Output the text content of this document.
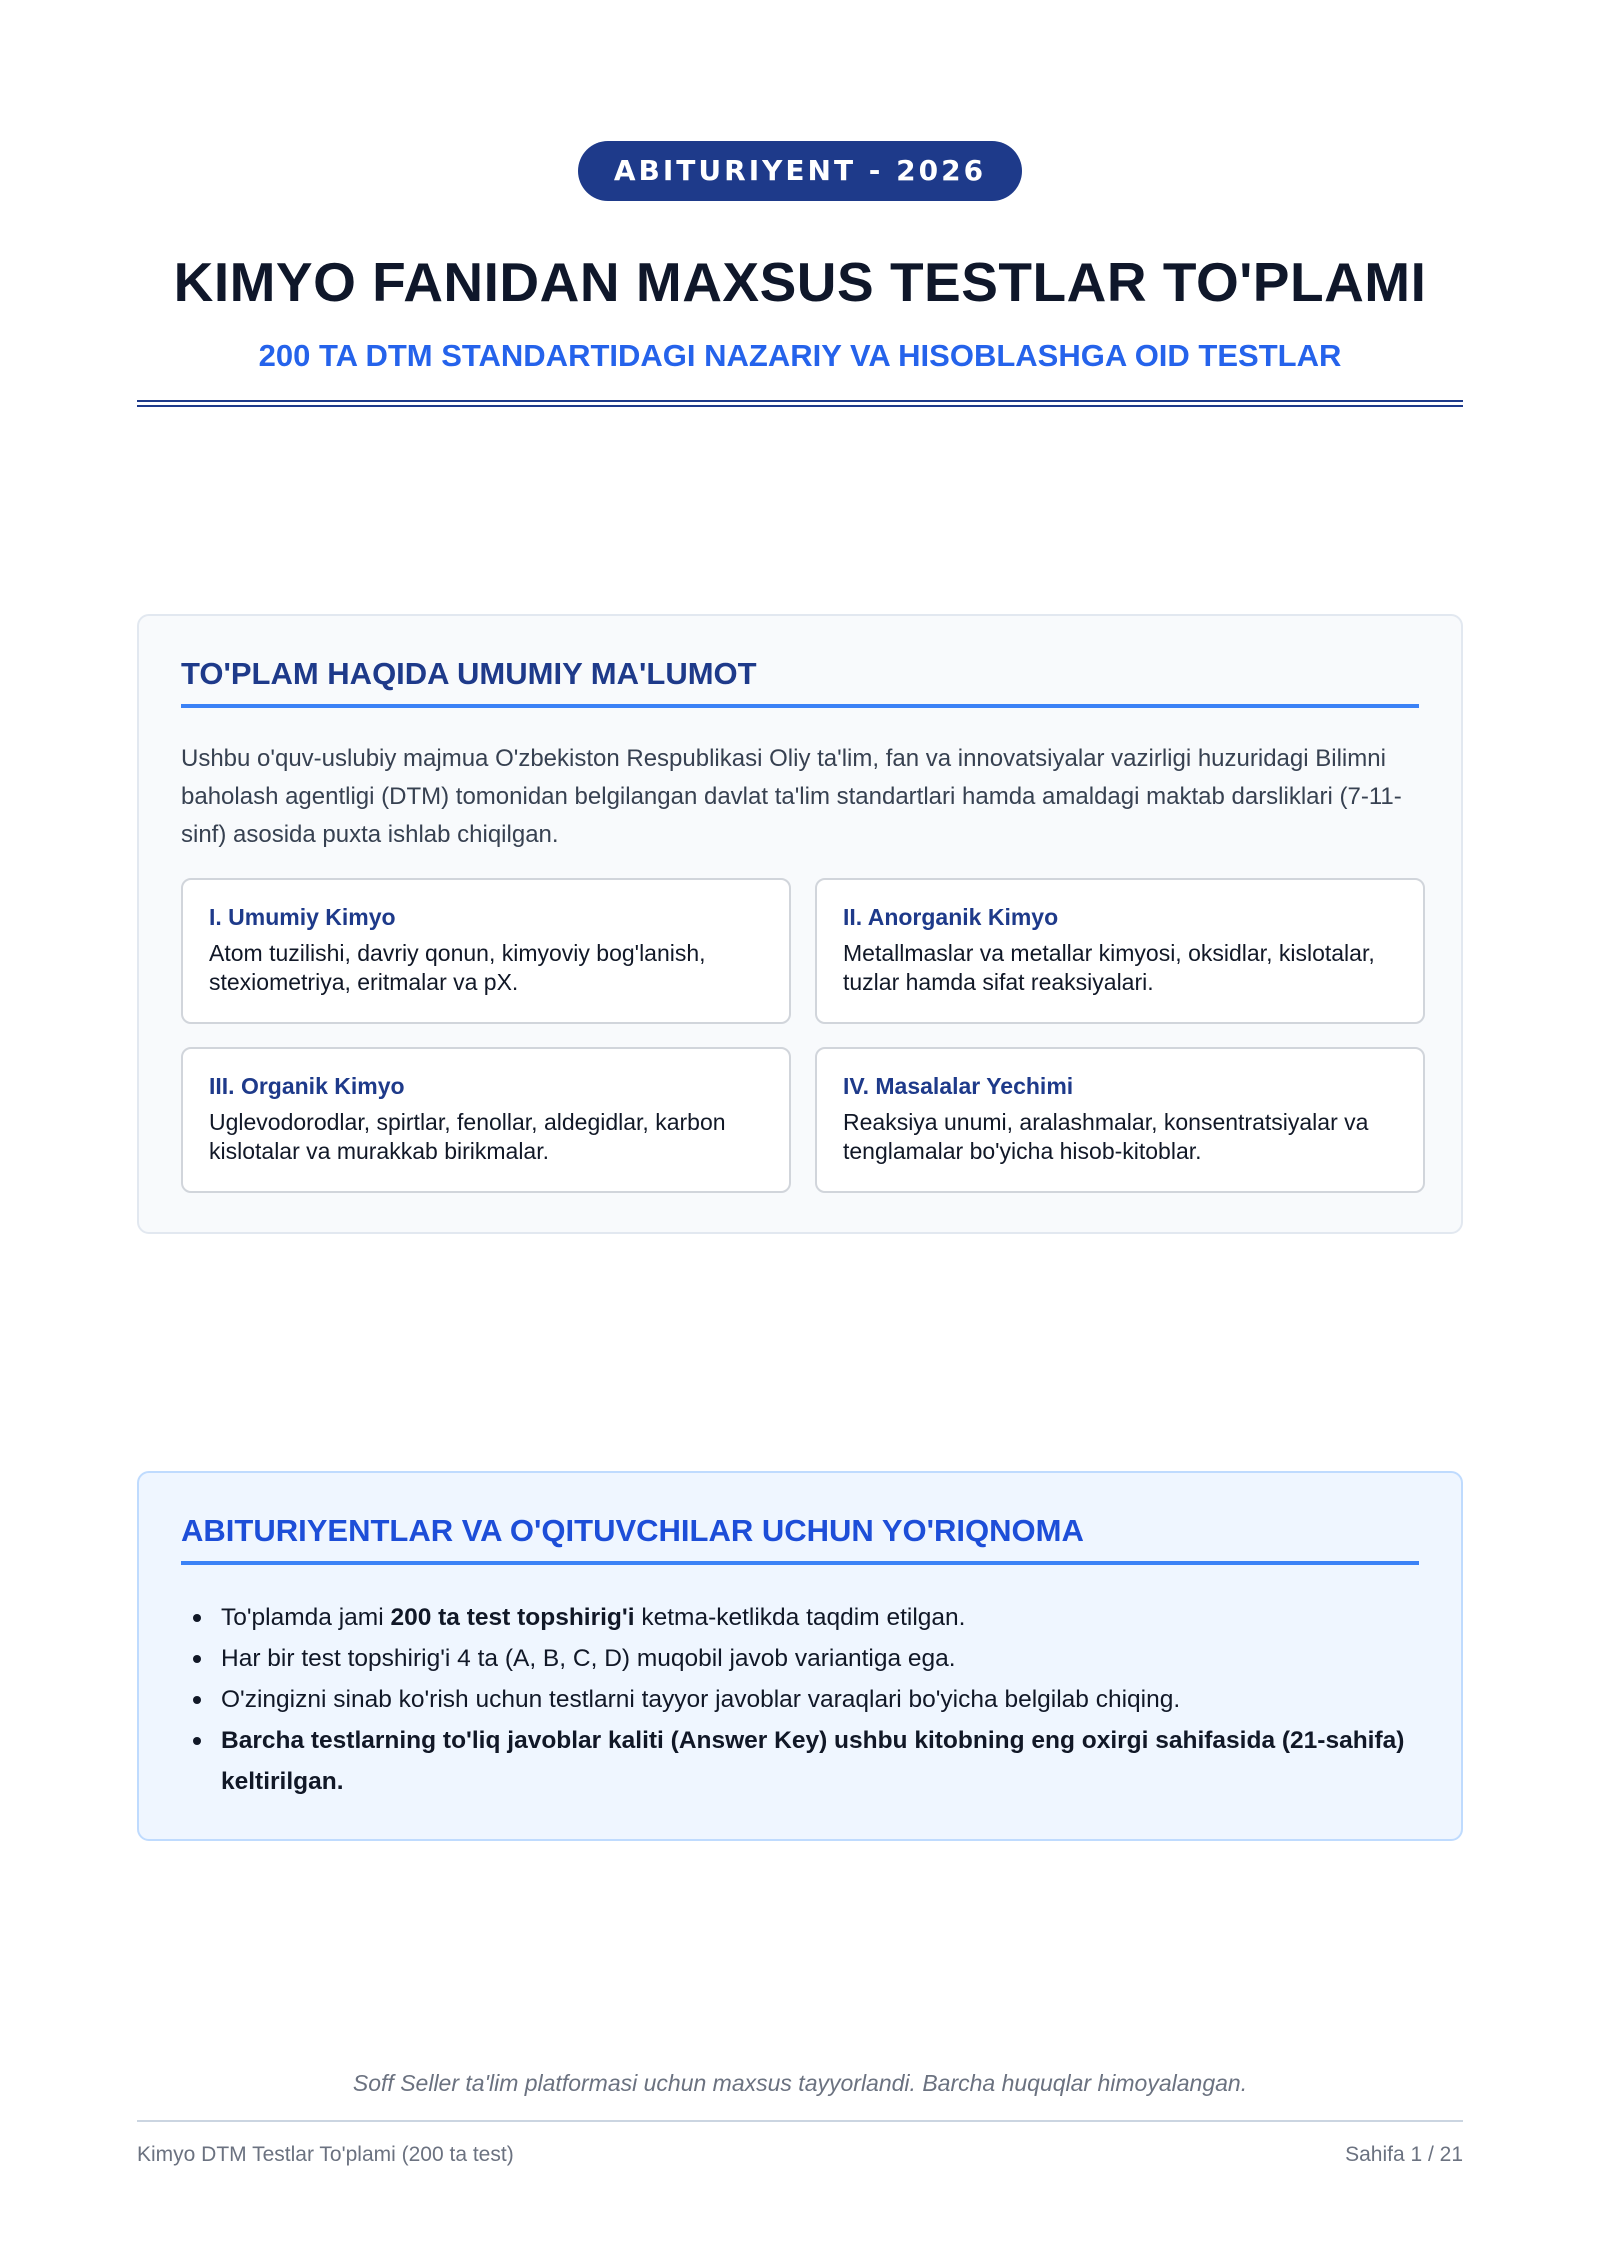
ABITURIYENT - 2026
KIMYO FANIDAN MAXSUS TESTLAR TO'PLAMI
200 TA DTM STANDARTIDAGI NAZARIY VA HISOBLASHGA OID TESTLAR
TO'PLAM HAQIDA UMUMIY MA'LUMOT

Ushbu o'quv-uslubiy majmua O'zbekiston Respublikasi Oliy ta'lim, fan va innovatsiyalar vazirligi huzuridagi Bilimni baholash agentligi (DTM) tomonidan belgilangan davlat ta'lim standartlari hamda amaldagi maktab darsliklari (7-11-sinf) asosida puxta ishlab chiqilgan.

I. Umumiy Kimyo
Atom tuzilishi, davriy qonun, kimyoviy bog'lanish, stexiometriya, eritmalar va pX.
II. Anorganik Kimyo
Metallmaslar va metallar kimyosi, oksidlar, kislotalar, tuzlar hamda sifat reaksiyalari.
III. Organik Kimyo
Uglevodorodlar, spirtlar, fenollar, aldegidlar, karbon kislotalar va murakkab birikmalar.
IV. Masalalar Yechimi
Reaksiya unumi, aralashmalar, konsentratsiyalar va tenglamalar bo'yicha hisob-kitoblar.
ABITURIYENTLAR VA O'QITUVCHILAR UCHUN YO'RIQNOMA
To'plamda jami 200 ta test topshirig'i ketma-ketlikda taqdim etilgan.
Har bir test topshirig'i 4 ta (A, B, C, D) muqobil javob variantiga ega.
O'zingizni sinab ko'rish uchun testlarni tayyor javoblar varaqlari bo'yicha belgilab chiqing.
Barcha testlarning to'liq javoblar kaliti (Answer Key) ushbu kitobning eng oxirgi sahifasida (21-sahifa) keltirilgan.

Soff Seller ta'lim platformasi uchun maxsus tayyorlandi. Barcha huquqlar himoyalangan.

Kimyo DTM Testlar To'plami (200 ta test)	Sahifa 1 / 21
